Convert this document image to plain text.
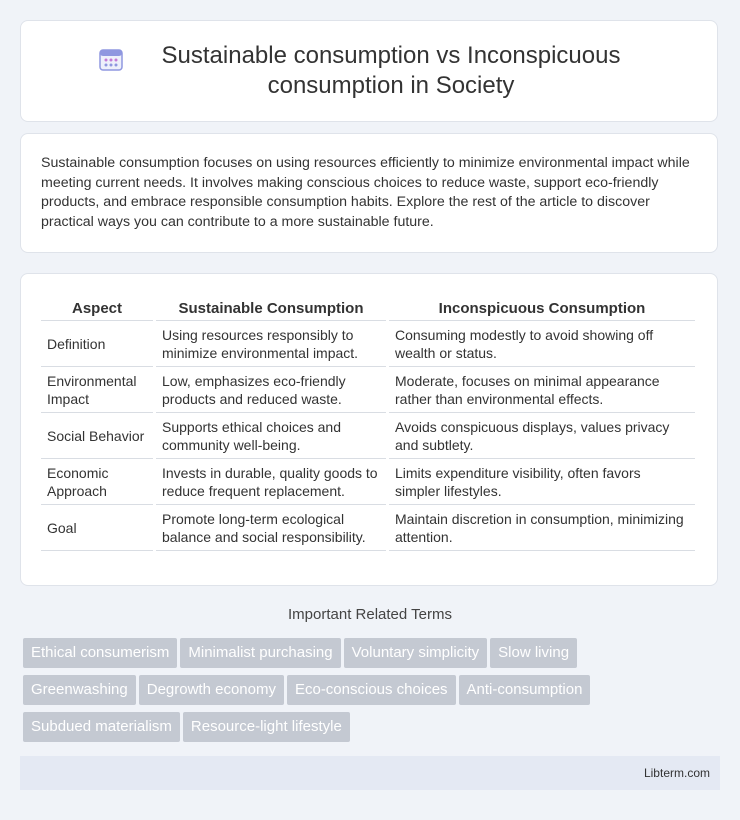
Sustainable consumption vs Inconspicuous consumption in Society

Sustainable consumption focuses on using resources efficiently to minimize environmental impact while meeting current needs. It involves making conscious choices to reduce waste, support eco-friendly products, and embrace responsible consumption habits. Explore the rest of the article to discover practical ways you can contribute to a more sustainable future.

Aspect	Sustainable Consumption	Inconspicuous Consumption
Definition	Using resources responsibly to minimize environmental impact.	Consuming modestly to avoid showing off wealth or status.
Environmental Impact	Low, emphasizes eco-friendly products and reduced waste.	Moderate, focuses on minimal appearance rather than environmental effects.
Social Behavior	Supports ethical choices and community well-being.	Avoids conspicuous displays, values privacy and subtlety.
Economic Approach	Invests in durable, quality goods to reduce frequent replacement.	Limits expenditure visibility, often favors simpler lifestyles.
Goal	Promote long-term ecological balance and social responsibility.	Maintain discretion in consumption, minimizing attention.
Important Related Terms
Ethical consumerism Minimalist purchasing Voluntary simplicity Slow living
Greenwashing Degrowth economy Eco-conscious choices Anti-consumption
Subdued materialism Resource-light lifestyle
Libterm.com
